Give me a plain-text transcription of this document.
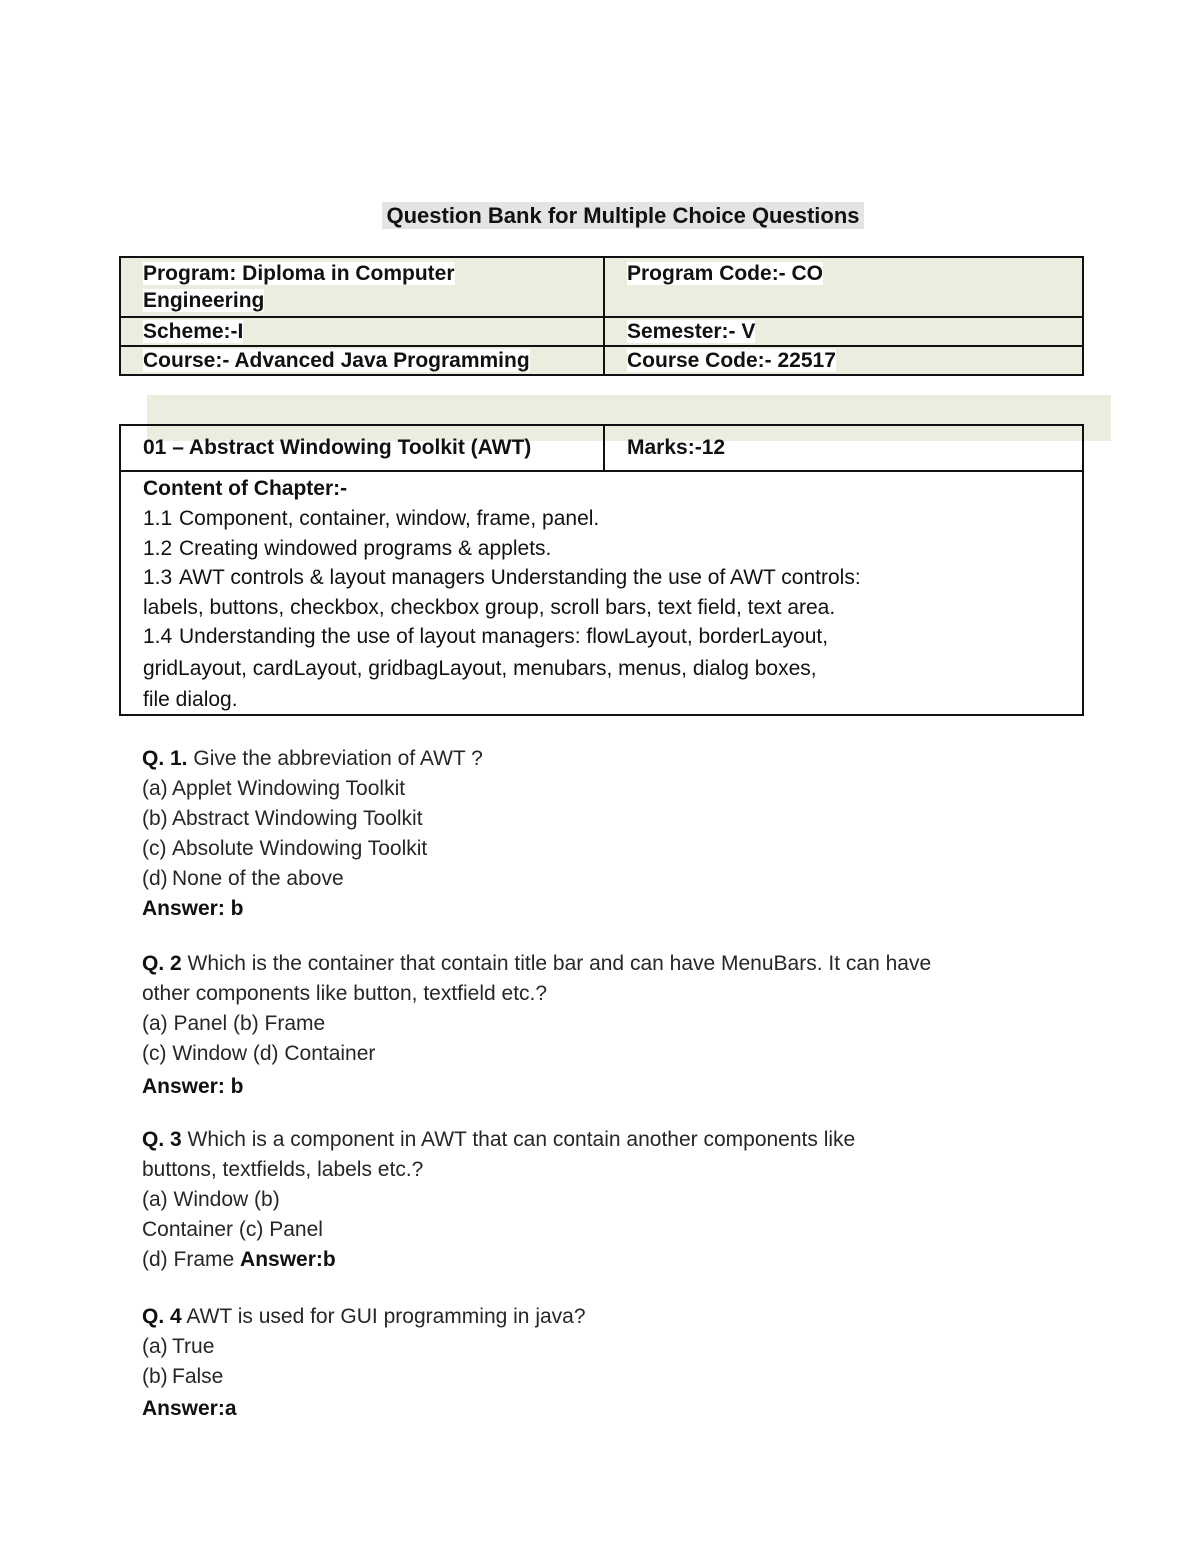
Question Bank for Multiple Choice Questions
Program: Diploma in Computer
Engineering	Program Code:- CO
Scheme:-I	Semester:- V
Course:- Advanced Java Programming	Course Code:- 22517
01 – Abstract Windowing Toolkit (AWT)	Marks:-12

Content of Chapter:-
1.1 Component, container, window, frame, panel.
1.2 Creating windowed programs & applets.
1.3 AWT controls & layout managers Understanding the use of AWT controls:
labels, buttons, checkbox, checkbox group, scroll bars, text field, text area.
1.4 Understanding the use of layout managers: flowLayout, borderLayout,
gridLayout, cardLayout, gridbagLayout, menubars, menus, dialog boxes,
file dialog.
Q. 1. Give the abbreviation of AWT ?
(a) Applet Windowing Toolkit
(b) Abstract Windowing Toolkit
(c) Absolute Windowing Toolkit
(d) None of the above
Answer: b
Q. 2 Which is the container that contain title bar and can have MenuBars. It can have
other components like button, textfield etc.?
(a) Panel (b) Frame
(c) Window (d) Container
Answer: b
Q. 3 Which is a component in AWT that can contain another components like
buttons, textfields, labels etc.?
(a) Window (b)
Container (c) Panel
(d) Frame Answer:b
Q. 4 AWT is used for GUI programming in java?
(a) True
(b) False
Answer:a
